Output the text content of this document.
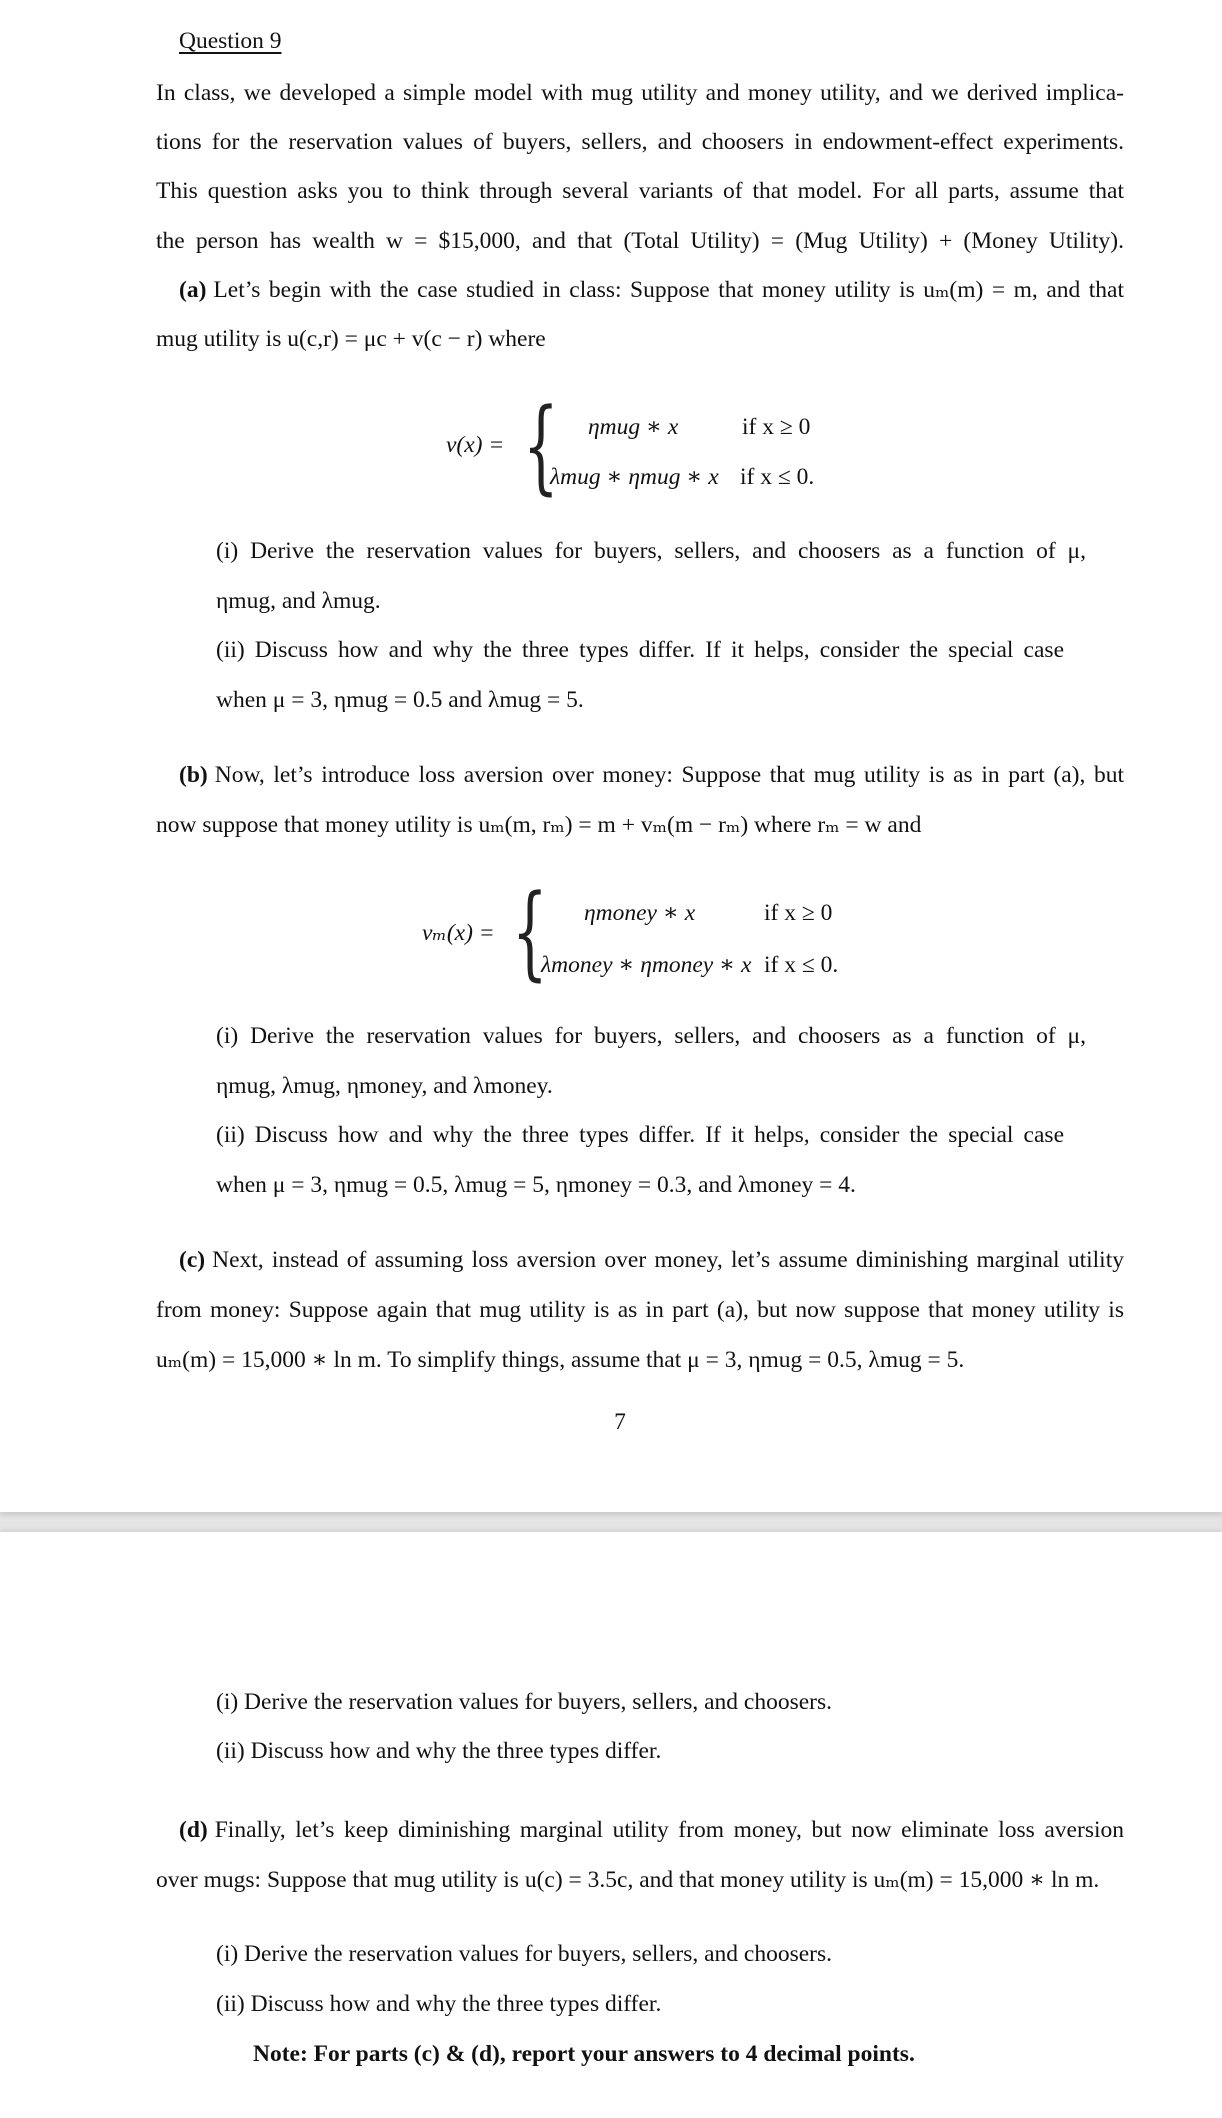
Question 9
In class, we developed a simple model with mug utility and money utility, and we derived implica-
tions for the reservation values of buyers, sellers, and choosers in endowment-effect experiments.
This question asks you to think through several variants of that model. For all parts, assume that
the person has wealth w = $15,000, and that (Total Utility) = (Mug Utility) + (Money Utility).
(a) Let’s begin with the case studied in class: Suppose that money utility is uₘ(m) = m, and that
mug utility is u(c,r) = μc + v(c − r) where
v(x) = { ηmug ∗ x	if x ≥ 0
λmug ∗ ηmug ∗ x if x ≤ 0.
(i) Derive the reservation values for buyers, sellers, and choosers as a function of μ,
ηmug, and λmug.
(ii) Discuss how and why the three types differ. If it helps, consider the special case
when μ = 3, ηmug = 0.5 and λmug = 5.
(b) Now, let’s introduce loss aversion over money: Suppose that mug utility is as in part (a), but
now suppose that money utility is uₘ(m, rₘ) = m + vₘ(m − rₘ) where rₘ = w and
vₘ(x) = { ηmoney ∗ x	if x ≥ 0
λmoney ∗ ηmoney ∗ x if x ≤ 0.
(i) Derive the reservation values for buyers, sellers, and choosers as a function of μ,
ηmug, λmug, ηmoney, and λmoney.
(ii) Discuss how and why the three types differ. If it helps, consider the special case
when μ = 3, ηmug = 0.5, λmug = 5, ηmoney = 0.3, and λmoney = 4.
(c) Next, instead of assuming loss aversion over money, let’s assume diminishing marginal utility
from money: Suppose again that mug utility is as in part (a), but now suppose that money utility is
uₘ(m) = 15,000 ∗ ln m. To simplify things, assume that μ = 3, ηmug = 0.5, λmug = 5.
7
(i) Derive the reservation values for buyers, sellers, and choosers.
(ii) Discuss how and why the three types differ.
(d) Finally, let’s keep diminishing marginal utility from money, but now eliminate loss aversion
over mugs: Suppose that mug utility is u(c) = 3.5c, and that money utility is uₘ(m) = 15,000 ∗ ln m.
(i) Derive the reservation values for buyers, sellers, and choosers.
(ii) Discuss how and why the three types differ.
Note: For parts (c) & (d), report your answers to 4 decimal points.
